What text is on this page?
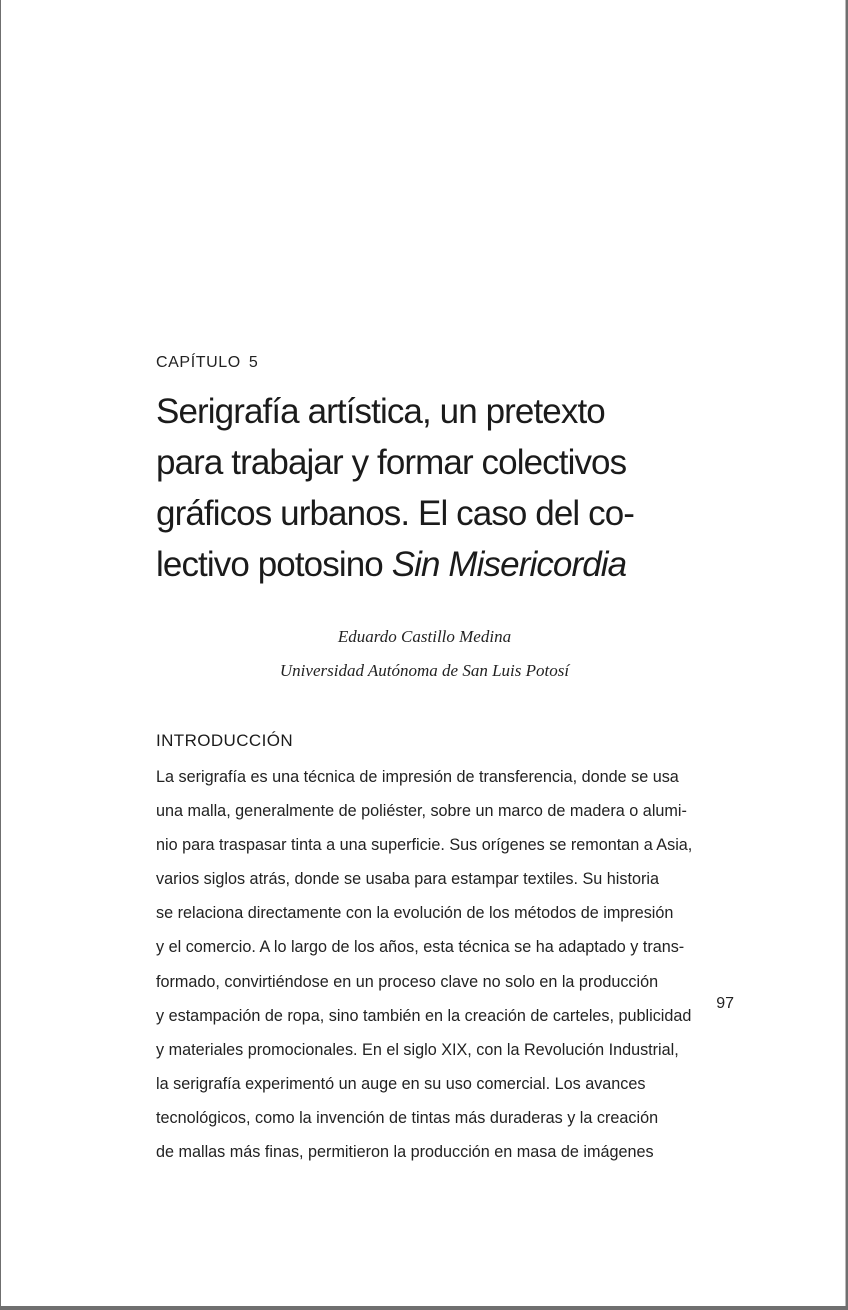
CAPÍTULO 5
Serigrafía artística, un pretexto
para trabajar y formar colectivos
gráficos urbanos. El caso del co-
lectivo potosino Sin Misericordia
Eduardo Castillo Medina
Universidad Autónoma de San Luis Potosí
INTRODUCCIÓN
La serigrafía es una técnica de impresión de transferencia, donde se usa
una malla, generalmente de poliéster, sobre un marco de madera o alumi-
nio para traspasar tinta a una superficie. Sus orígenes se remontan a Asia,
varios siglos atrás, donde se usaba para estampar textiles. Su historia
se relaciona directamente con la evolución de los métodos de impresión
y el comercio. A lo largo de los años, esta técnica se ha adaptado y trans-
formado, convirtiéndose en un proceso clave no solo en la producción
y estampación de ropa, sino también en la creación de carteles, publicidad
y materiales promocionales. En el siglo XIX, con la Revolución Industrial,
la serigrafía experimentó un auge en su uso comercial. Los avances
tecnológicos, como la invención de tintas más duraderas y la creación
de mallas más finas, permitieron la producción en masa de imágenes
97
